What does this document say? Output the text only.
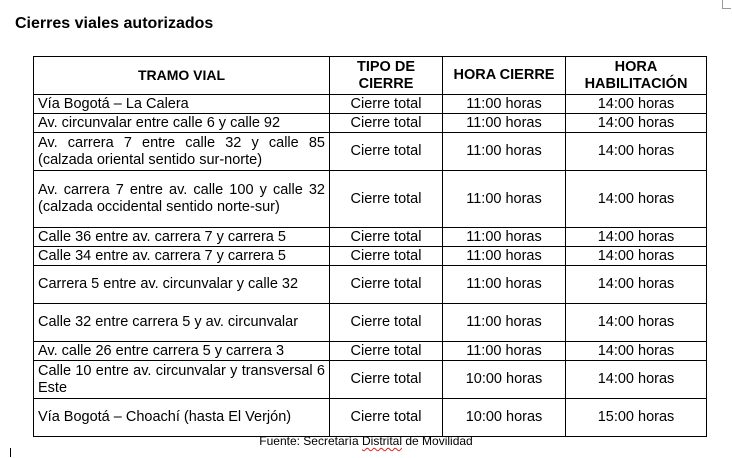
Cierres viales autorizados
TRAMO VIAL	TIPO DE CIERRE	HORA CIERRE	HORA HABILITACIÓN
Vía Bogotá – La Calera	Cierre total	11:00 horas	14:00 horas
Av. circunvalar entre calle 6 y calle 92	Cierre total	11:00 horas	14:00 horas
Av. carrera 7 entre calle 32 y calle 85 (calzada oriental sentido sur-norte)	Cierre total	11:00 horas	14:00 horas
Av. carrera 7 entre av. calle 100 y calle 32 (calzada occidental sentido norte-sur)	Cierre total	11:00 horas	14:00 horas
Calle 36 entre av. carrera 7 y carrera 5	Cierre total	11:00 horas	14:00 horas
Calle 34 entre av. carrera 7 y carrera 5	Cierre total	11:00 horas	14:00 horas
Carrera 5 entre av. circunvalar y calle 32	Cierre total	11:00 horas	14:00 horas
Calle 32 entre carrera 5 y av. circunvalar	Cierre total	11:00 horas	14:00 horas
Av. calle 26 entre carrera 5 y carrera 3	Cierre total	11:00 horas	14:00 horas
Calle 10 entre av. circunvalar y transversal 6 Este	Cierre total	10:00 horas	14:00 horas
Vía Bogotá – Choachí (hasta El Verjón)	Cierre total	10:00 horas	15:00 horas
Fuente: Secretaría Distrital de Movilidad
